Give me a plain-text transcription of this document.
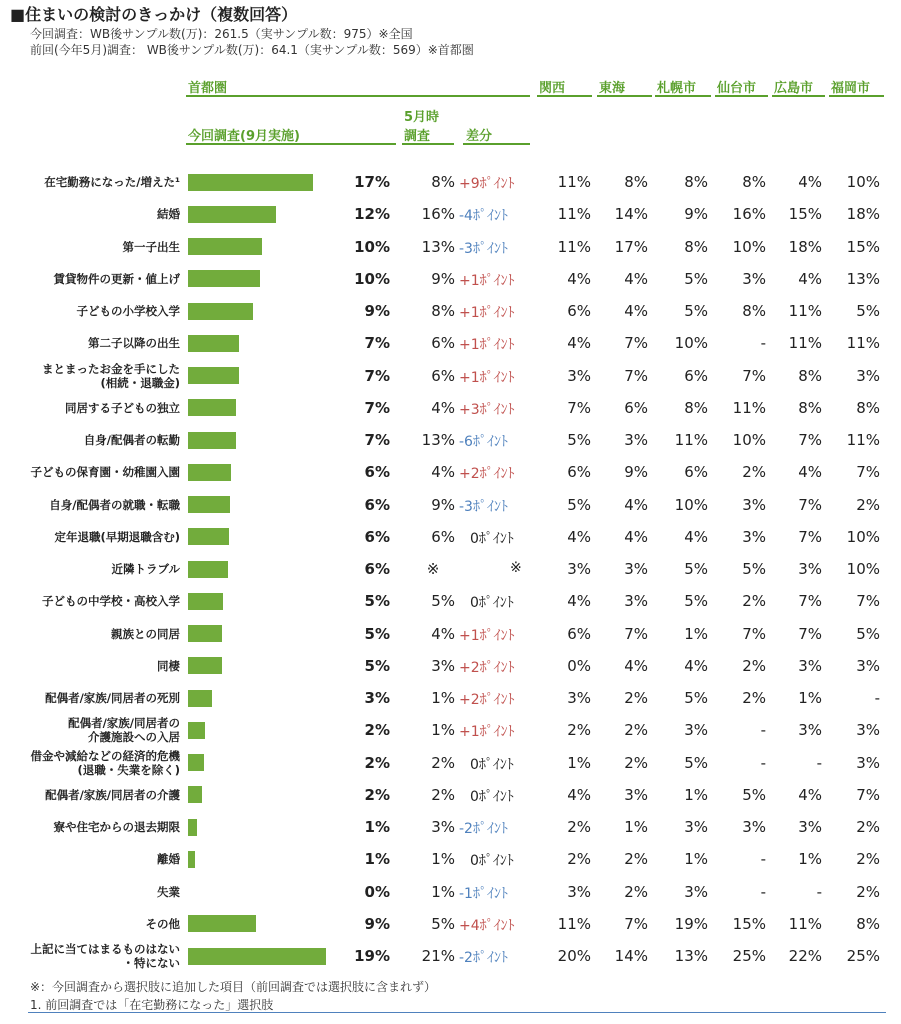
■住まいの検討のきっかけ（複数回答）
今回調査：WB後サンプル数(万)：261.5（実サンプル数：975）※全国
前回(今年5月)調査： WB後サンプル数(万)：64.1（実サンプル数：569）※首都圏
首都圏
今回調査(9月実施)
5月時
調査	差分
関西	東海 札幌市 仙台市 広島市 福岡市
在宅勤務になった/増えた¹	17%	8% +9ﾎﾟｲﾝﾄ	11%	8%	8%	8%	4%	10%
結婚	12%	16% -4ﾎﾟｲﾝﾄ	11%	14%	9%	16%	15%	18%
第一子出生	10%	13% -3ﾎﾟｲﾝﾄ	11%	17%	8%	10%	18%	15%
賃貸物件の更新・値上げ	10%	9% +1ﾎﾟｲﾝﾄ	4%	4%	5%	3%	4%	13%
子どもの小学校入学	9%	8% +1ﾎﾟｲﾝﾄ	6%	4%	5%	8%	11%	5%
第二子以降の出生	7%	6% +1ﾎﾟｲﾝﾄ	4%	7%	10%	-	11%	11%
まとまったお金を手にした
(相続・退職金)	7%	6% +1ﾎﾟｲﾝﾄ	3%	7%	6%	7%	8%	3%
同居する子どもの独立	7%	4% +3ﾎﾟｲﾝﾄ	7%	6%	8%	11%	8%	8%
自身/配偶者の転勤	7%	13% -6ﾎﾟｲﾝﾄ	5%	3%	11%	10%	7%	11%
子どもの保育園・幼稚園入園	6%	4% +2ﾎﾟｲﾝﾄ	6%	9%	6%	2%	4%	7%
自身/配偶者の就職・転職	6%	9% -3ﾎﾟｲﾝﾄ	5%	4%	10%	3%	7%	2%
定年退職(早期退職含む)	6%	6% 0ﾎﾟｲﾝﾄ	4%	4%	4%	3%	7%	10%
近隣トラブル	6%	※	※	3%	3%	5%	5%	3%	10%
子どもの中学校・高校入学	5%	5% 0ﾎﾟｲﾝﾄ	4%	3%	5%	2%	7%	7%
親族との同居	5%	4% +1ﾎﾟｲﾝﾄ	6%	7%	1%	7%	7%	5%
同棲	5%	3% +2ﾎﾟｲﾝﾄ	0%	4%	4%	2%	3%	3%
配偶者/家族/同居者の死別	3%	1% +2ﾎﾟｲﾝﾄ	3%	2%	5%	2%	1%	-
配偶者/家族/同居者の
介護施設への入居	2%	1% +1ﾎﾟｲﾝﾄ	2%	2%	3%	-	3%	3%
借金や減給などの経済的危機
(退職・失業を除く)	2%	2% 0ﾎﾟｲﾝﾄ	1%	2%	5%	-	-	3%
配偶者/家族/同居者の介護	2%	2% 0ﾎﾟｲﾝﾄ	4%	3%	1%	5%	4%	7%
寮や住宅からの退去期限	1%	3% -2ﾎﾟｲﾝﾄ	2%	1%	3%	3%	3%	2%
離婚	1%	1% 0ﾎﾟｲﾝﾄ	2%	2%	1%	-	1%	2%
失業	0%	1% -1ﾎﾟｲﾝﾄ	3%	2%	3%	-	-	2%
その他	9%	5% +4ﾎﾟｲﾝﾄ	11%	7%	19%	15%	11%	8%
上記に当てはまるものはない
・特にない	19%	21% -2ﾎﾟｲﾝﾄ	20%	14%	13%	25%	22%	25%
※：今回調査から選択肢に追加した項目（前回調査では選択肢に含まれず）
1. 前回調査では「在宅勤務になった」選択肢
